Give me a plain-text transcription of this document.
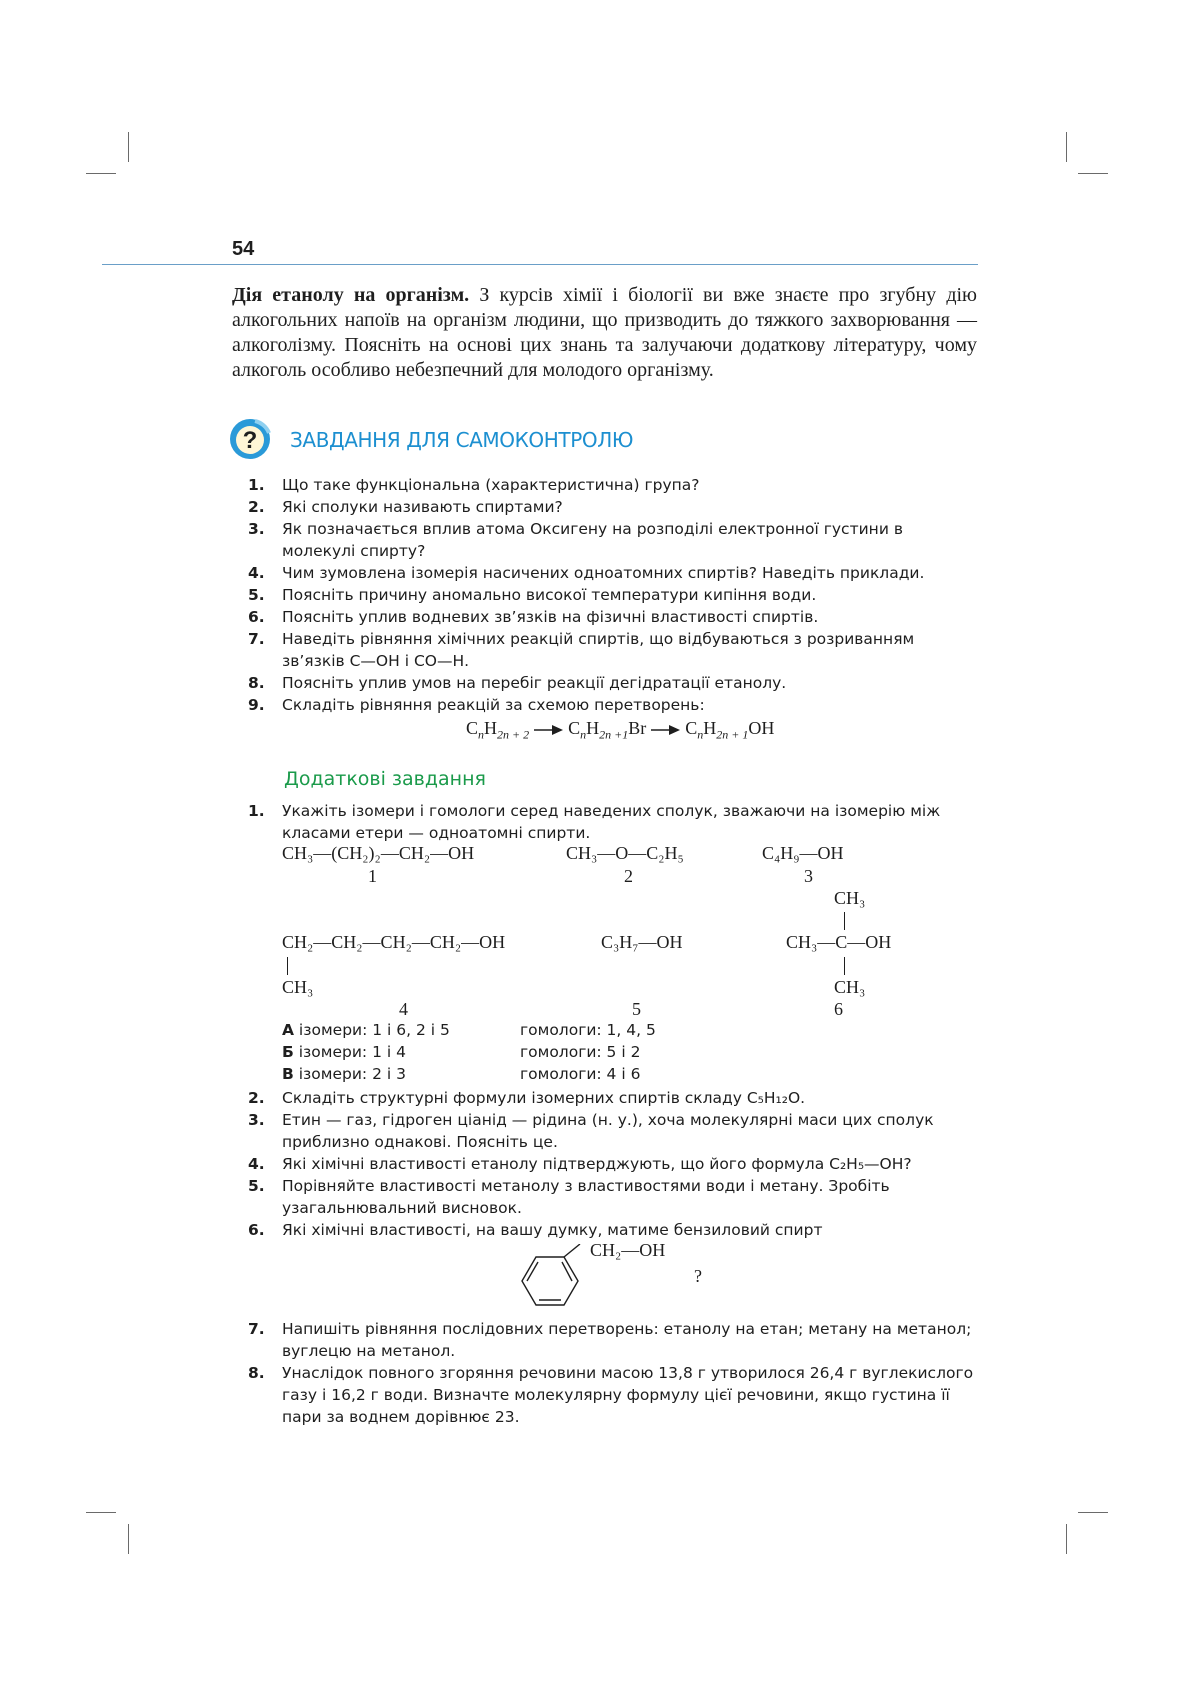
54
Дія етанолу на організм. З курсів хімії і біології ви вже знаєте про згубну дію алкогольних напоїв на організм людини, що призводить до тяжкого захворювання — алкоголізму. Поясніть на основі цих знань та залучаючи додаткову літературу, чому алкоголь особливо небезпечний для молодого організму.
? ЗАВДАННЯ ДЛЯ САМОКОНТРОЛЮ
1. Що таке функціональна (характеристична) група?
2. Які сполуки називають спиртами?
3. Як позначається вплив атома Оксигену на розподілі електронної густини в молекулі спирту?
4. Чим зумовлена ізомерія насичених одноатомних спиртів? Наведіть приклади.
5. Поясніть причину аномально високої температури кипіння води.
6. Поясніть уплив водневих зв’язків на фізичні властивості спиртів.
7. Наведіть рівняння хімічних реакцій спиртів, що відбуваються з розриванням зв’язків С—ОН і СО—Н.
8. Поясніть уплив умов на перебіг реакції дегідратації етанолу.
9. Складіть рівняння реакцій за схемою перетворень:
$C_nH_{2n + 2}$ $C_nH_{2n +1}Br$ $C_nH_{2n + 1}OH$
Додаткові завдання
1. Укажіть ізомери і гомологи серед наведених сполук, зважаючи на ізомерію між класами етери — одноатомні спирти.
CH₃—(CH₂)₂—CH₂—OH
1
CH₃—O—C₂H₅
2
C₄H₉—OH
3
CH₂—CH₂—CH₂—CH₂—OH
CH₃
4
C₃H₇—OH
5
CH₃
CH₃—C—OH
CH₃
6
А ізомери: 1 і 6, 2 і 5	гомологи: 1, 4, 5
Б ізомери: 1 і 4	гомологи: 5 і 2
В ізомери: 2 і 3	гомологи: 4 і 6
2. Складіть структурні формули ізомерних спиртів складу С₅Н₁₂О.
3. Етин — газ, гідроген ціанід — рідина (н. у.), хоча молекулярні маси цих сполук приблизно однакові. Поясніть це.
4. Які хімічні властивості етанолу підтверджують, що його формула C₂H₅—OH?
5. Порівняйте властивості метанолу з властивостями води і метану. Зробіть узагальнювальний висновок.
6. Які хімічні властивості, на вашу думку, матиме бензиловий спирт
CH₂—OH
?
7. Напишіть рівняння послідовних перетворень: етанолу на етан; метану на метанол; вуглецю на метанол.
8. Унаслідок повного згоряння речовини масою 13,8 г утворилося 26,4 г вуглекислого газу і 16,2 г води. Визначте молекулярну формулу цієї речовини, якщо густина її пари за воднем дорівнює 23.
